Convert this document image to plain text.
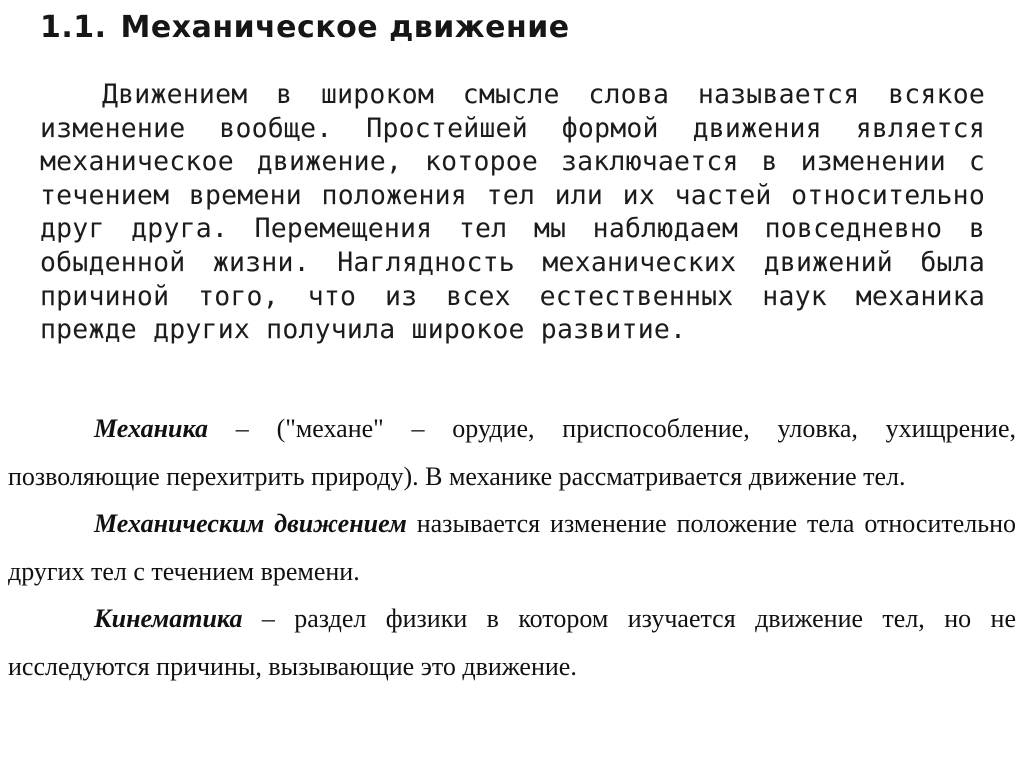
1.1. Механическое движение

Движением в широком смысле слова называется всякое изменение вообще. Простейшей формой движения является механическое движение, которое заключается в изменении с течением времени положения тел или их частей относительно друг друга. Перемещения тел мы наблюдаем повседневно в обыденной жизни. Наглядность механических движений была причиной того, что из всех естественных наук механика прежде других получила широкое развитие.

Механика – ("механе" – орудие, приспособление, уловка, ухищрение, позволяющие перехитрить природу). В механике рассматривается движение тел.

Механическим движением называется изменение положение тела относительно других тел с течением времени.

Кинематика – раздел физики в котором изучается движение тел, но не исследуются причины, вызывающие это движение.
